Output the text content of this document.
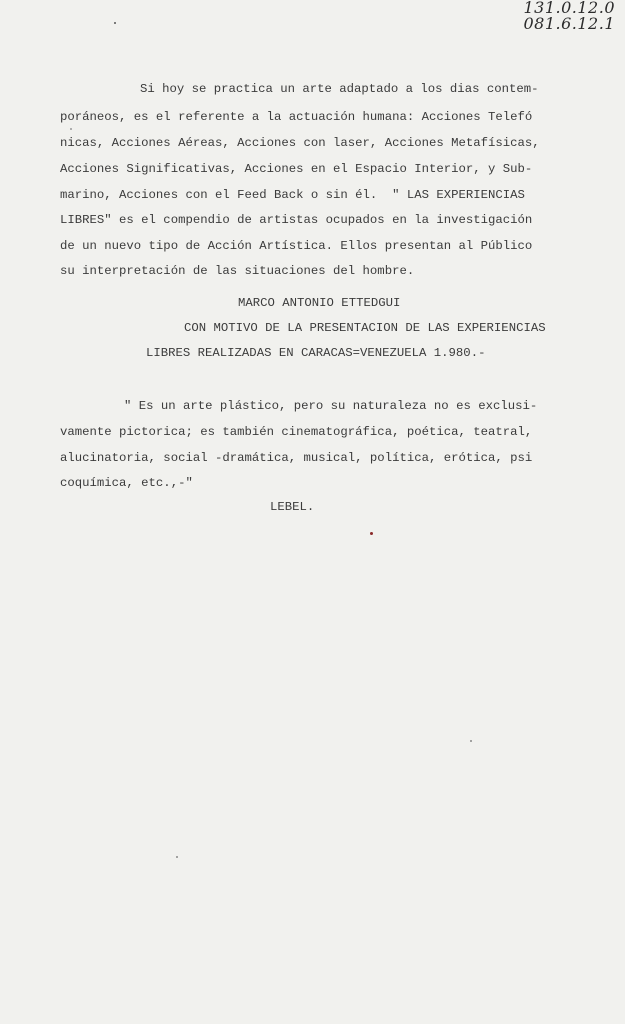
131.0.12.0
081.6.12.1
Si hoy se practica un arte adaptado a los dias contem-
poráneos, es el referente a la actuación humana: Acciones Telefó
nicas, Acciones Aéreas, Acciones con laser, Acciones Metafísicas,
Acciones Significativas, Acciones en el Espacio Interior, y Sub-
marino, Acciones con el Feed Back o sin él.  " LAS EXPERIENCIAS
LIBRES" es el compendio de artistas ocupados en la investigación
de un nuevo tipo de Acción Artística. Ellos presentan al Público
su interpretación de las situaciones del hombre.
MARCO ANTONIO ETTEDGUI
CON MOTIVO DE LA PRESENTACION DE LAS EXPERIENCIAS
LIBRES REALIZADAS EN CARACAS=VENEZUELA 1.980.-
" Es un arte plástico, pero su naturaleza no es exclusi-
vamente pictorica; es también cinematográfica, poética, teatral,
alucinatoria, social -dramática, musical, política, erótica, psi
coquímica, etc.,-"
LEBEL.
